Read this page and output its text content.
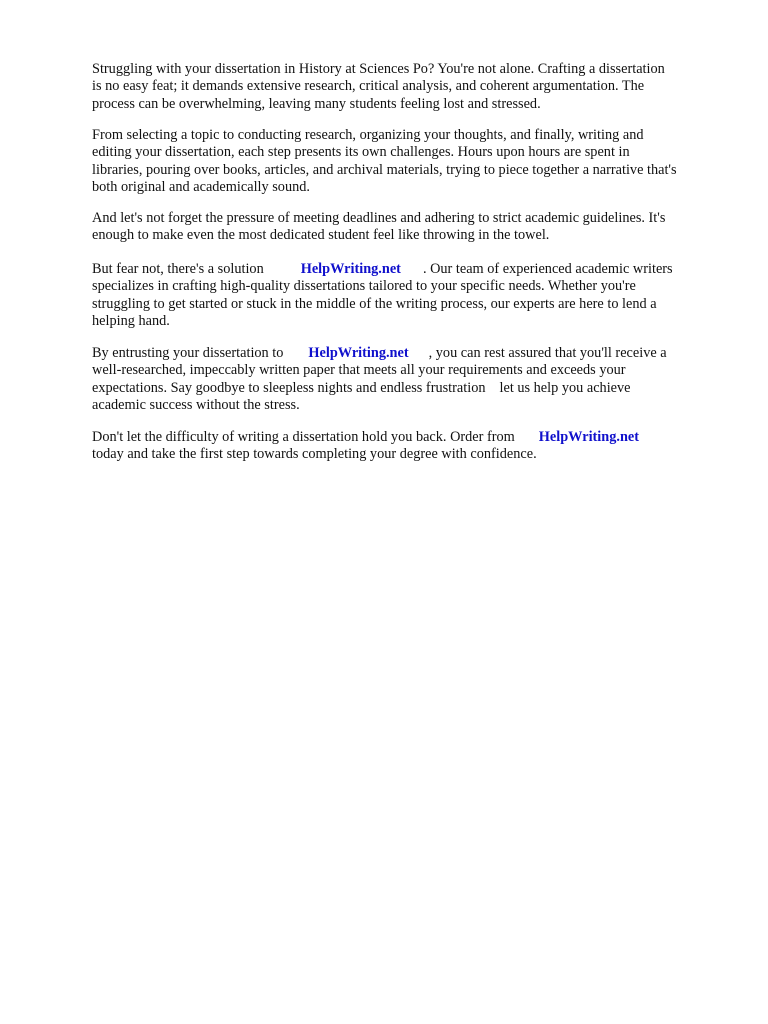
Struggling with your dissertation in History at Sciences Po? You're not alone. Crafting a dissertation
is no easy feat; it demands extensive research, critical analysis, and coherent argumentation. The
process can be overwhelming, leaving many students feeling lost and stressed.

From selecting a topic to conducting research, organizing your thoughts, and finally, writing and
editing your dissertation, each step presents its own challenges. Hours upon hours are spent in
libraries, pouring over books, articles, and archival materials, trying to piece together a narrative that's
both original and academically sound.

And let's not forget the pressure of meeting deadlines and adhering to strict academic guidelines. It's
enough to make even the most dedicated student feel like throwing in the towel.

But fear not, there's a solution	HelpWriting.net . Our team of experienced academic writers
specializes in crafting high-quality dissertations tailored to your specific needs. Whether you're
struggling to get started or stuck in the middle of the writing process, our experts are here to lend a
helping hand.

By entrusting your dissertation to HelpWriting.net , you can rest assured that you'll receive a
well-researched, impeccably written paper that meets all your requirements and exceeds your
expectations. Say goodbye to sleepless nights and endless frustration let us help you achieve
academic success without the stress.

Don't let the difficulty of writing a dissertation hold you back. Order from HelpWriting.net
today and take the first step towards completing your degree with confidence.
